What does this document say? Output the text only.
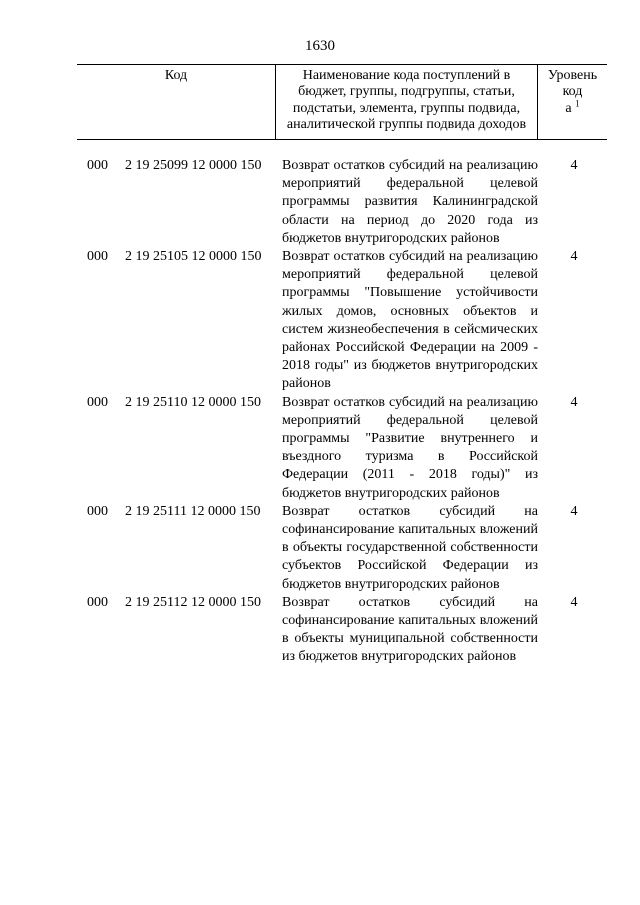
1630
Код	Наименование кода поступлений в бюджет, группы, подгруппы, статьи, подстатьи, элемента, группы подвида, аналитической группы подвида доходов
Уровень код
а $^1$
000 2 19 25099 12 0000 150 Возврат остатков субсидий на реализацию мероприятий федеральной целевой программы развития Калининградской области на период до 2020 года из бюджетов внутригородских районов
4
000 2 19 25105 12 0000 150 Возврат остатков субсидий на реализацию мероприятий федеральной целевой программы "Повышение устойчивости жилых домов, основных объектов и систем жизнеобеспечения в сейсмических районах Российской Федерации на 2009 - 2018 годы" из бюджетов внутригородских районов
4
000 2 19 25110 12 0000 150 Возврат остатков субсидий на реализацию мероприятий федеральной целевой программы "Развитие внутреннего и въездного туризма в Российской Федерации (2011 - 2018 годы)" из бюджетов внутригородских районов
4
000 2 19 25111 12 0000 150 Возврат остатков субсидий на софинансирование капитальных вложений в объекты государственной собственности субъектов Российской Федерации из бюджетов внутригородских районов
4
000 2 19 25112 12 0000 150 Возврат остатков субсидий на софинансирование капитальных вложений в объекты муниципальной собственности из бюджетов внутригородских районов
4
